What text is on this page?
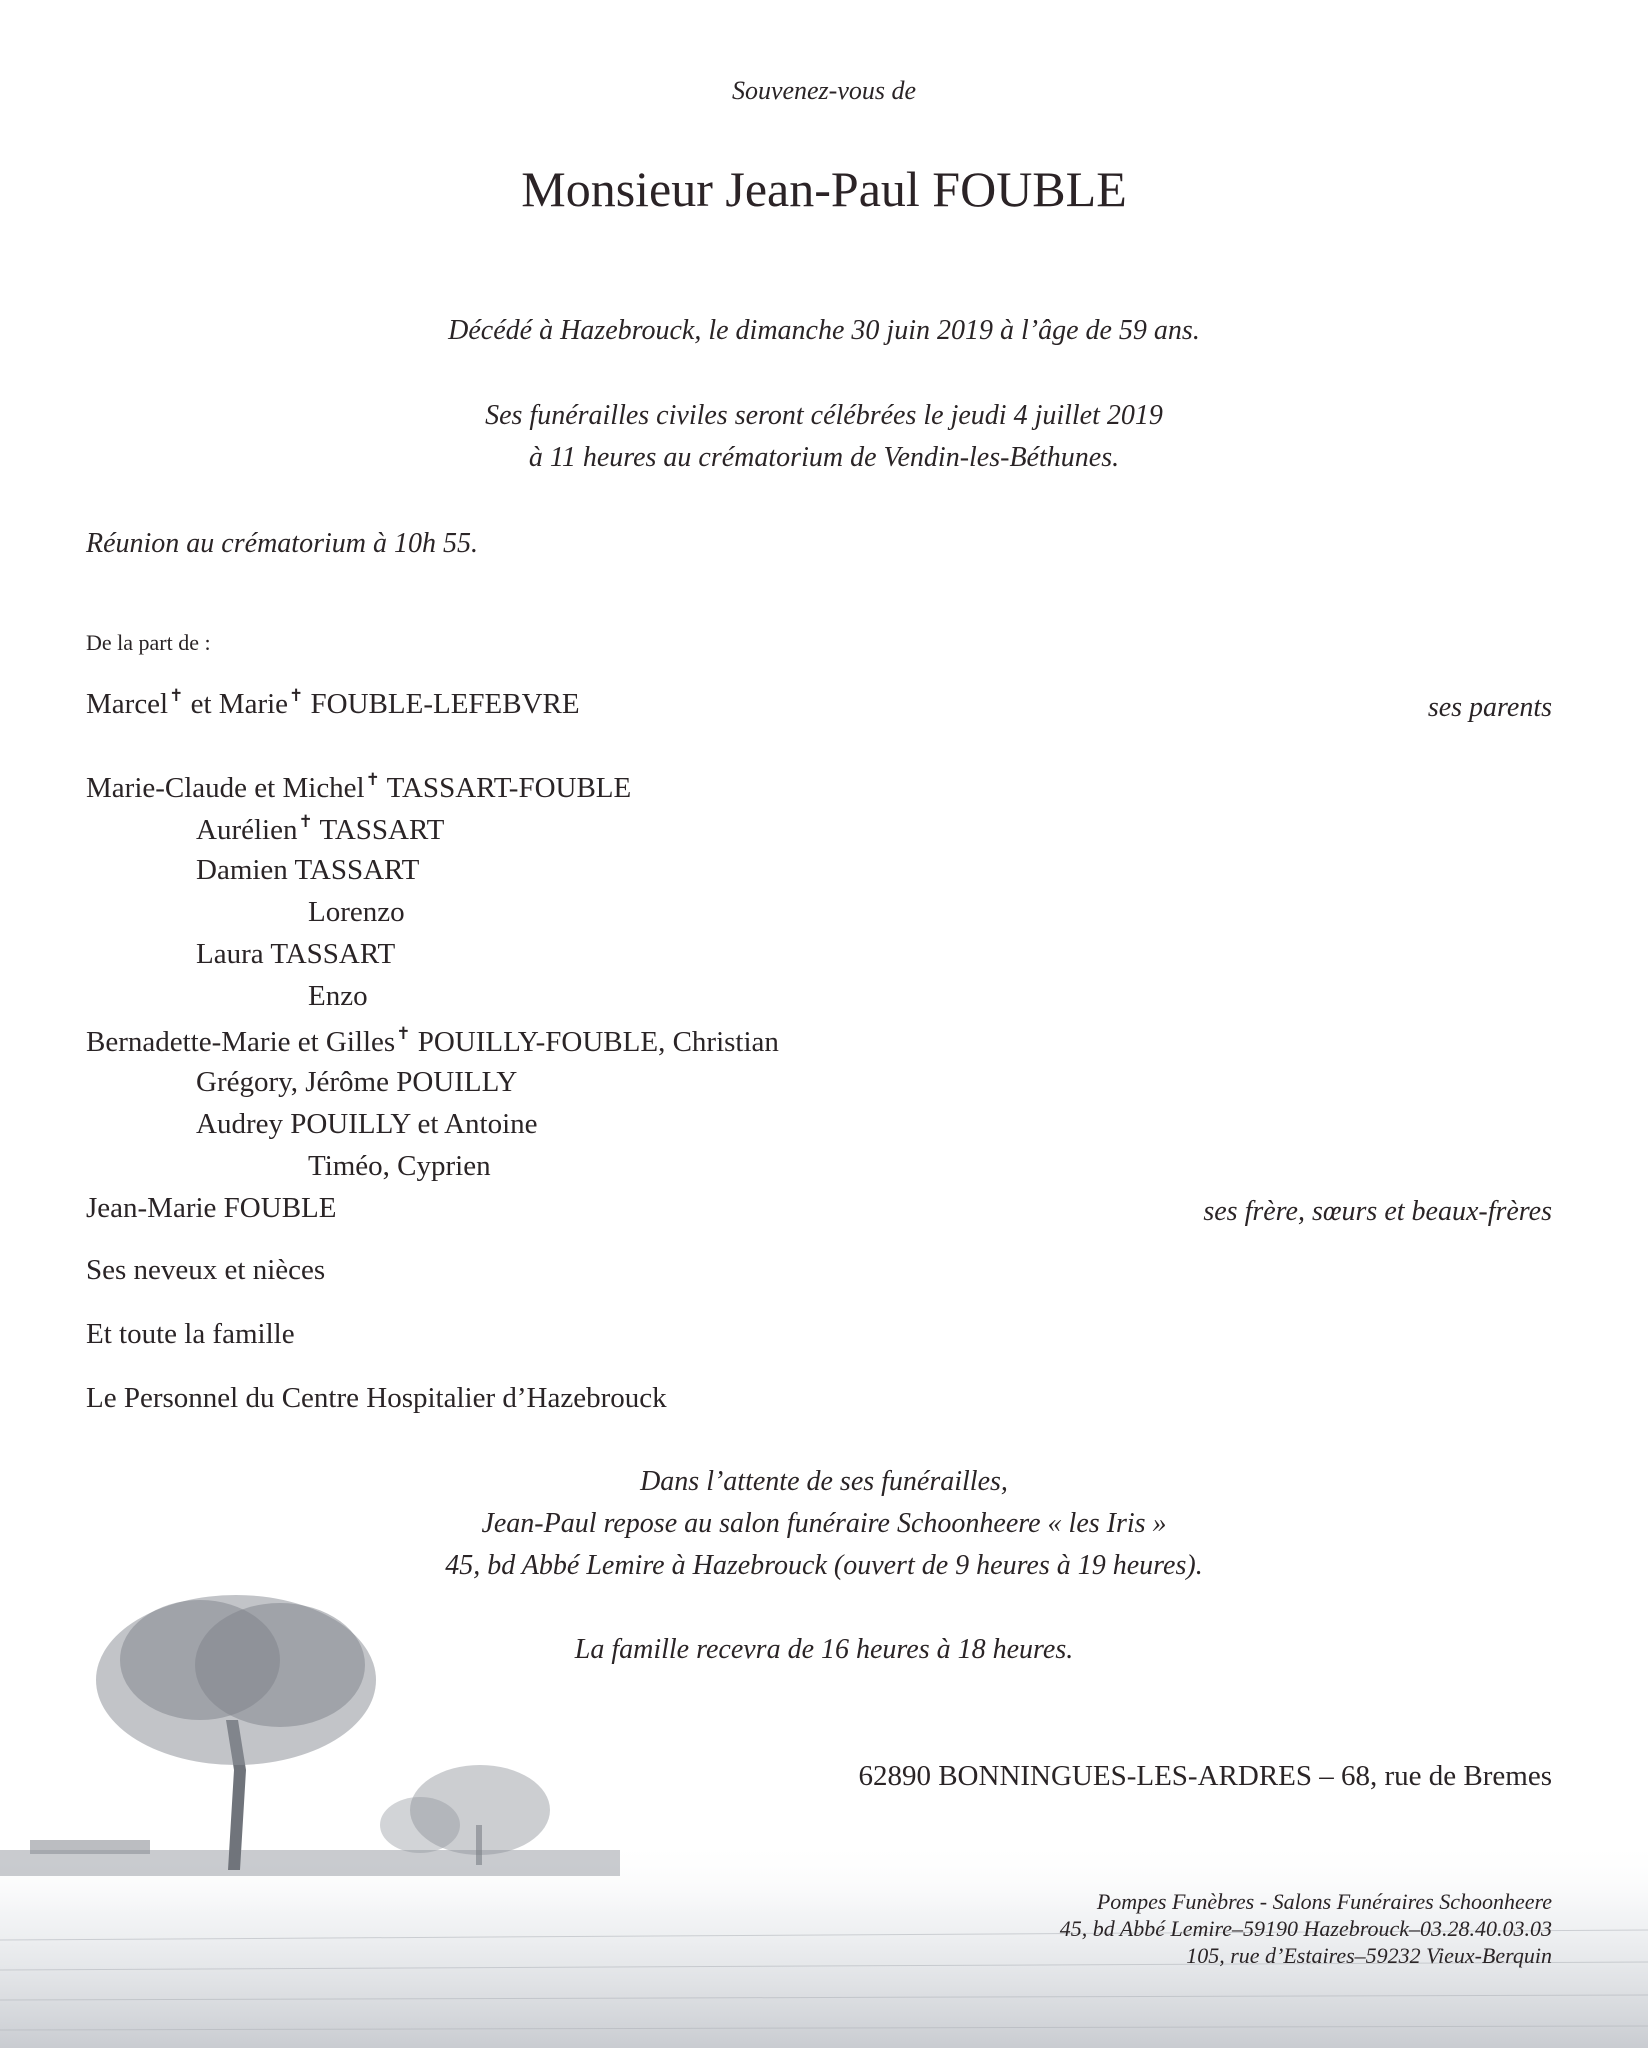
Souvenez-vous de
Monsieur Jean-Paul FOUBLE
Décédé à Hazebrouck, le dimanche 30 juin 2019 à l’âge de 59 ans.
Ses funérailles civiles seront célébrées le jeudi 4 juillet 2019
à 11 heures au crématorium de Vendin-les-Béthunes.
Réunion au crématorium à 10h 55.
De la part de :
Marcel✝ et Marie✝ FOUBLE-LEFEBVRE	ses parents
Marie-Claude et Michel✝ TASSART-FOUBLE
Aurélien✝ TASSART
Damien TASSART
Lorenzo
Laura TASSART
Enzo
Bernadette-Marie et Gilles✝ POUILLY-FOUBLE, Christian
Grégory, Jérôme POUILLY
Audrey POUILLY et Antoine
Timéo, Cyprien
Jean-Marie FOUBLE	ses frère, sœurs et beaux-frères
Ses neveux et nièces
Et toute la famille
Le Personnel du Centre Hospitalier d’Hazebrouck
Dans l’attente de ses funérailles,
Jean-Paul repose au salon funéraire Schoonheere « les Iris »
45, bd Abbé Lemire à Hazebrouck (ouvert de 9 heures à 19 heures).
La famille recevra de 16 heures à 18 heures.
62890 BONNINGUES-LES-ARDRES – 68, rue de Bremes
Pompes Funèbres - Salons Funéraires Schoonheere
45, bd Abbé Lemire–59190 Hazebrouck–03.28.40.03.03
105, rue d’Estaires–59232 Vieux-Berquin
